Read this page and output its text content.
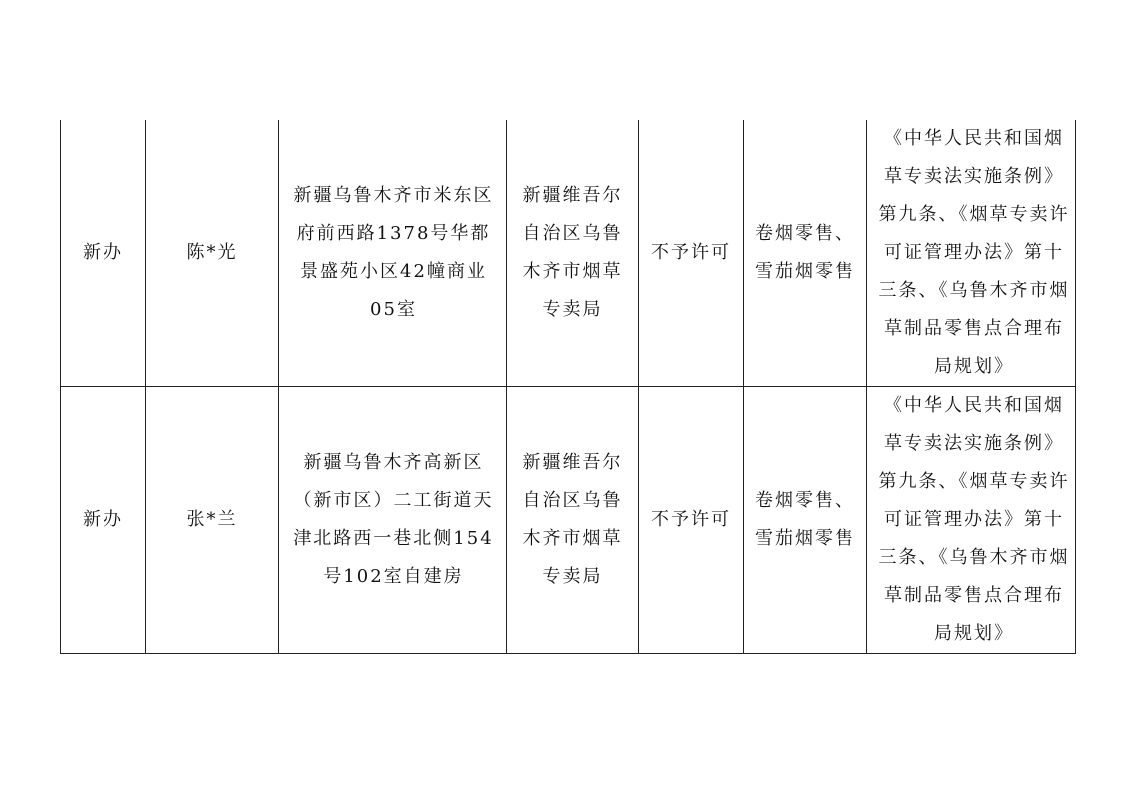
新办	陈*光	新疆乌鲁木齐市米东区府前西路1378号华都景盛苑小区42幢商业05室	新疆维吾尔自治区乌鲁木齐市烟草专卖局	不予许可	卷烟零售、雪茄烟零售	《中华人民共和国烟草专卖法实施条例》第九条、《烟草专卖许可证管理办法》第十三条、《乌鲁木齐市烟草制品零售点合理布局规划》

新办	张*兰	新疆乌鲁木齐高新区（新市区）二工街道天津北路西一巷北侧154号102室自建房	新疆维吾尔自治区乌鲁木齐市烟草专卖局	不予许可	卷烟零售、雪茄烟零售	《中华人民共和国烟草专卖法实施条例》第九条、《烟草专卖许可证管理办法》第十三条、《乌鲁木齐市烟草制品零售点合理布局规划》
